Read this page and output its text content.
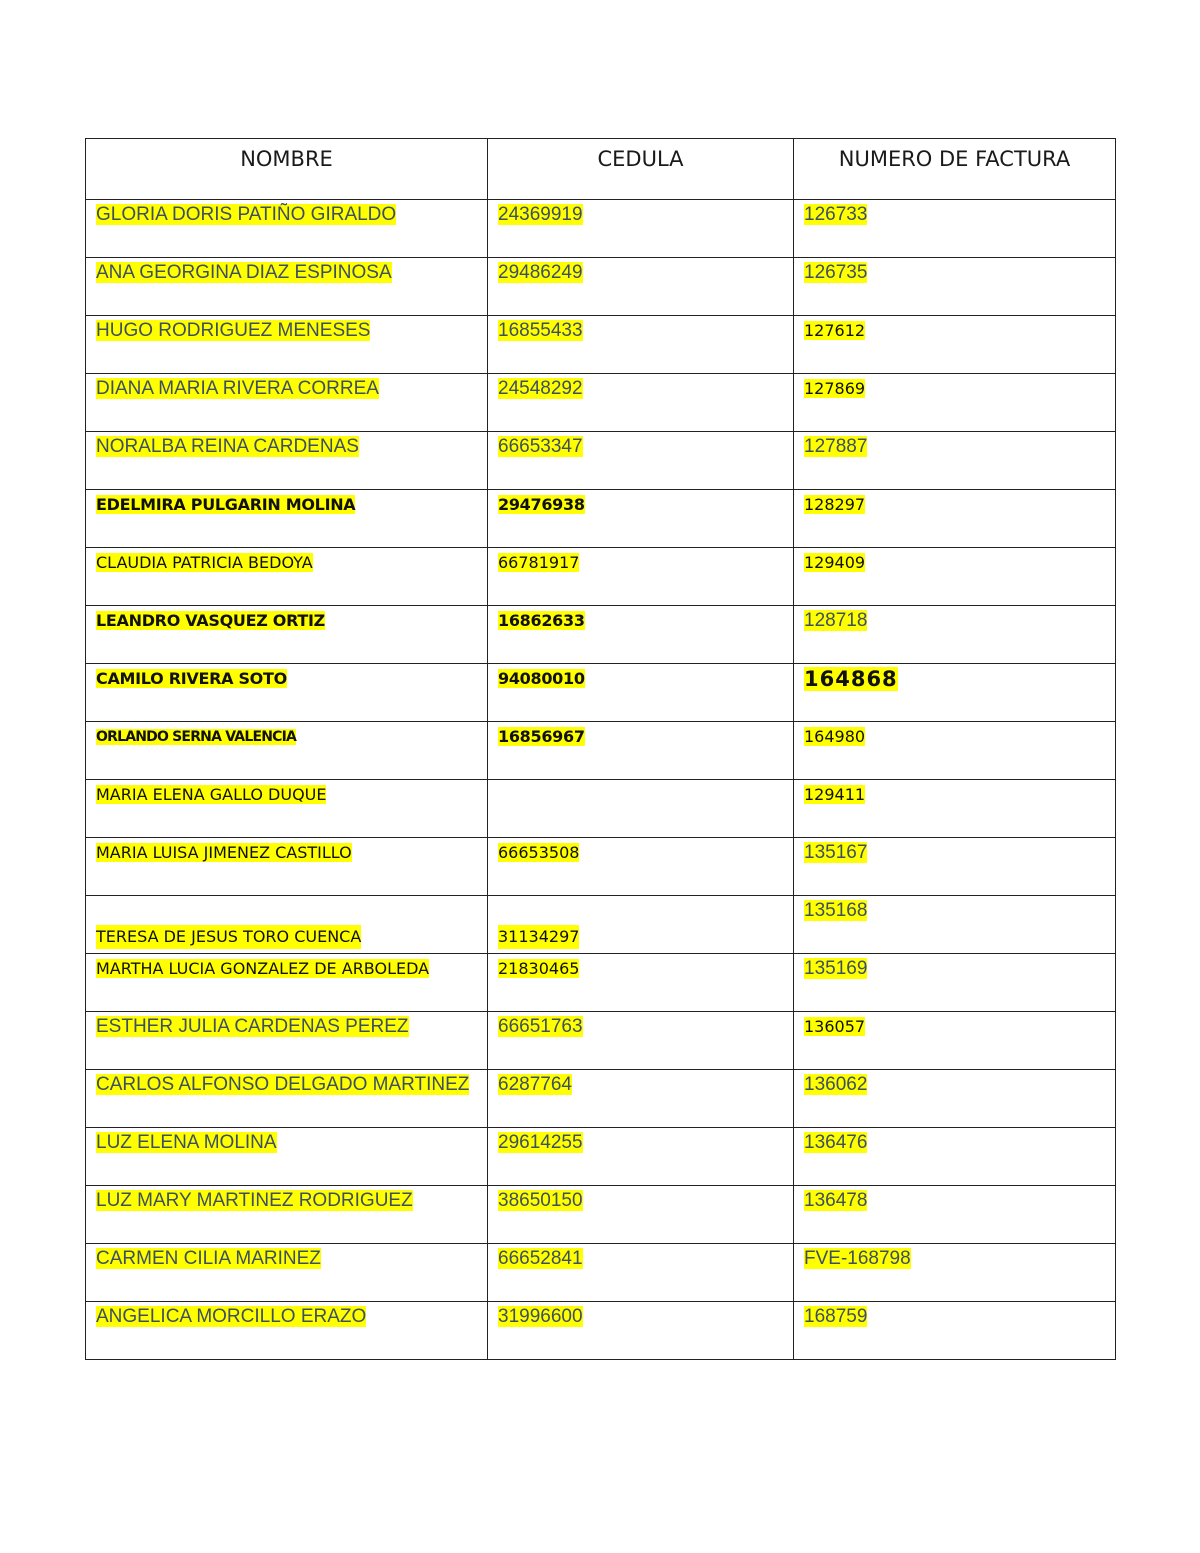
NOMBRE	CEDULA	NUMERO DE FACTURA
GLORIA DORIS PATIÑO GIRALDO	24369919	126733
ANA GEORGINA DIAZ ESPINOSA	29486249	126735
HUGO RODRIGUEZ MENESES	16855433	127612
DIANA MARIA RIVERA CORREA	24548292	127869
NORALBA REINA CARDENAS	66653347	127887
EDELMIRA PULGARIN MOLINA	29476938	128297
CLAUDIA PATRICIA BEDOYA	66781917	129409
LEANDRO VASQUEZ ORTIZ	16862633	128718
CAMILO RIVERA SOTO	94080010	164868
ORLANDO SERNA VALENCIA	16856967	164980
MARIA ELENA GALLO DUQUE		129411
MARIA LUISA JIMENEZ CASTILLO	66653508	135167
TERESA DE JESUS TORO CUENCA	31134297	135168
MARTHA LUCIA GONZALEZ DE ARBOLEDA	21830465	135169
ESTHER JULIA CARDENAS PEREZ	66651763	136057
CARLOS ALFONSO DELGADO MARTINEZ	6287764	136062
LUZ ELENA MOLINA	29614255	136476
LUZ MARY MARTINEZ RODRIGUEZ	38650150	136478
CARMEN CILIA MARINEZ	66652841	FVE-168798
ANGELICA MORCILLO ERAZO	31996600	168759
